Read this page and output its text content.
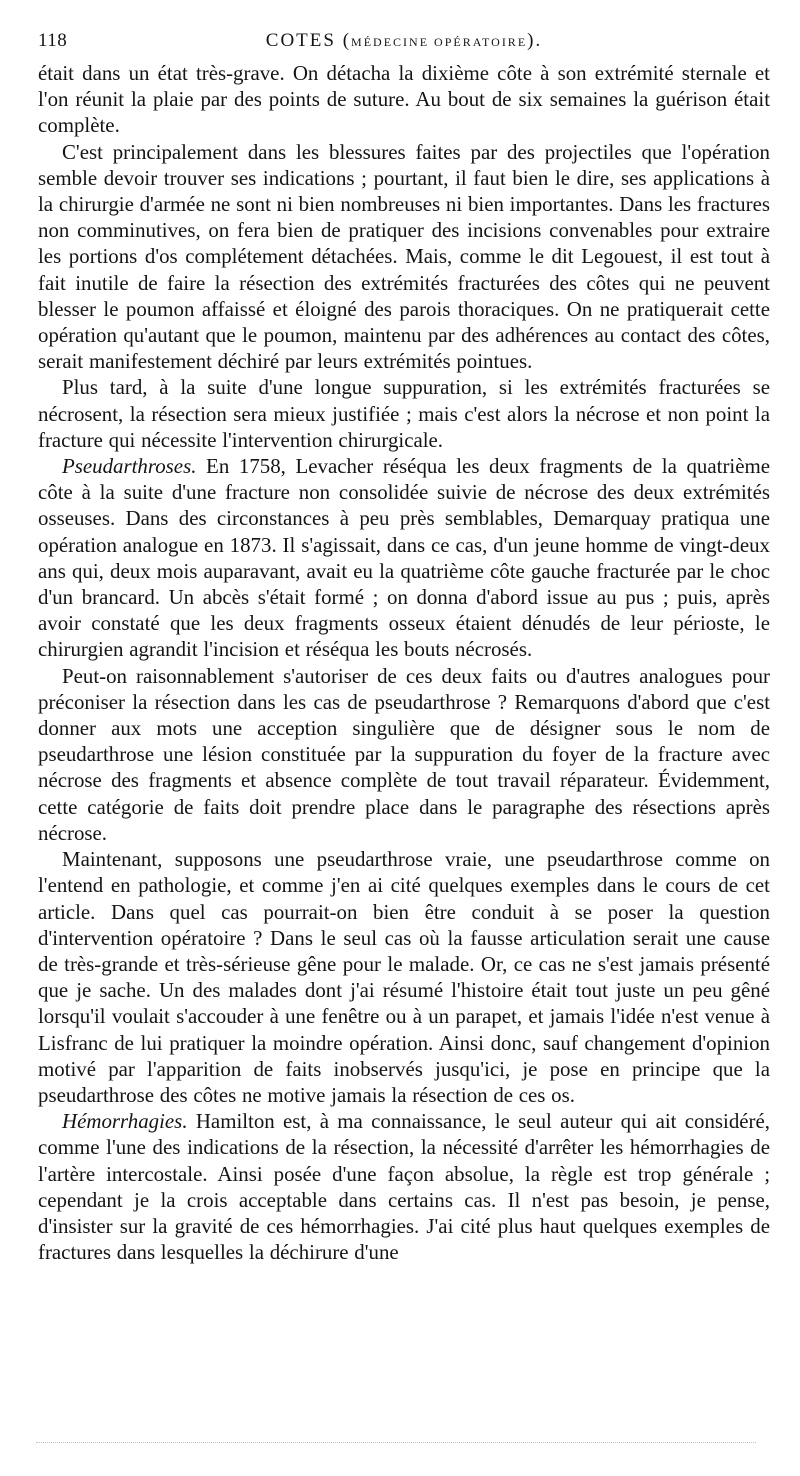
118	COTES (MÉDECINE OPÉRATOIRE).

était dans un état très-grave. On détacha la dixième côte à son extrémité sternale et l'on réunit la plaie par des points de suture. Au bout de six semaines la guérison était complète.

C'est principalement dans les blessures faites par des projectiles que l'opération semble devoir trouver ses indications ; pourtant, il faut bien le dire, ses applications à la chirurgie d'armée ne sont ni bien nombreuses ni bien importantes. Dans les fractures non comminutives, on fera bien de pratiquer des incisions convenables pour extraire les portions d'os complétement détachées. Mais, comme le dit Legouest, il est tout à fait inutile de faire la résection des extrémités fracturées des côtes qui ne peuvent blesser le poumon affaissé et éloigné des parois thoraciques. On ne pratiquerait cette opération qu'autant que le poumon, maintenu par des adhérences au contact des côtes, serait manifestement déchiré par leurs extrémités pointues.

Plus tard, à la suite d'une longue suppuration, si les extrémités fracturées se nécrosent, la résection sera mieux justifiée ; mais c'est alors la nécrose et non point la fracture qui nécessite l'intervention chirurgicale.

Pseudarthroses. En 1758, Levacher réséqua les deux fragments de la quatrième côte à la suite d'une fracture non consolidée suivie de nécrose des deux extrémités osseuses. Dans des circonstances à peu près semblables, Demarquay pratiqua une opération analogue en 1873. Il s'agissait, dans ce cas, d'un jeune homme de vingt-deux ans qui, deux mois auparavant, avait eu la quatrième côte gauche fracturée par le choc d'un brancard. Un abcès s'était formé ; on donna d'abord issue au pus ; puis, après avoir constaté que les deux fragments osseux étaient dénudés de leur périoste, le chirurgien agrandit l'incision et réséqua les bouts nécrosés.

Peut-on raisonnablement s'autoriser de ces deux faits ou d'autres analogues pour préconiser la résection dans les cas de pseudarthrose ? Remarquons d'abord que c'est donner aux mots une acception singulière que de désigner sous le nom de pseudarthrose une lésion constituée par la suppuration du foyer de la fracture avec nécrose des fragments et absence complète de tout travail réparateur. Évidemment, cette catégorie de faits doit prendre place dans le paragraphe des résections après nécrose.

Maintenant, supposons une pseudarthrose vraie, une pseudarthrose comme on l'entend en pathologie, et comme j'en ai cité quelques exemples dans le cours de cet article. Dans quel cas pourrait-on bien être conduit à se poser la question d'intervention opératoire ? Dans le seul cas où la fausse articulation serait une cause de très-grande et très-sérieuse gêne pour le malade. Or, ce cas ne s'est jamais présenté que je sache. Un des malades dont j'ai résumé l'histoire était tout juste un peu gêné lorsqu'il voulait s'accouder à une fenêtre ou à un parapet, et jamais l'idée n'est venue à Lisfranc de lui pratiquer la moindre opération. Ainsi donc, sauf changement d'opinion motivé par l'apparition de faits inobservés jusqu'ici, je pose en principe que la pseudarthrose des côtes ne motive jamais la résection de ces os.

Hémorrhagies. Hamilton est, à ma connaissance, le seul auteur qui ait considéré, comme l'une des indications de la résection, la nécessité d'arrêter les hémorrhagies de l'artère intercostale. Ainsi posée d'une façon absolue, la règle est trop générale ; cependant je la crois acceptable dans certains cas. Il n'est pas besoin, je pense, d'insister sur la gravité de ces hémorrhagies. J'ai cité plus haut quelques exemples de fractures dans lesquelles la déchirure d'une
